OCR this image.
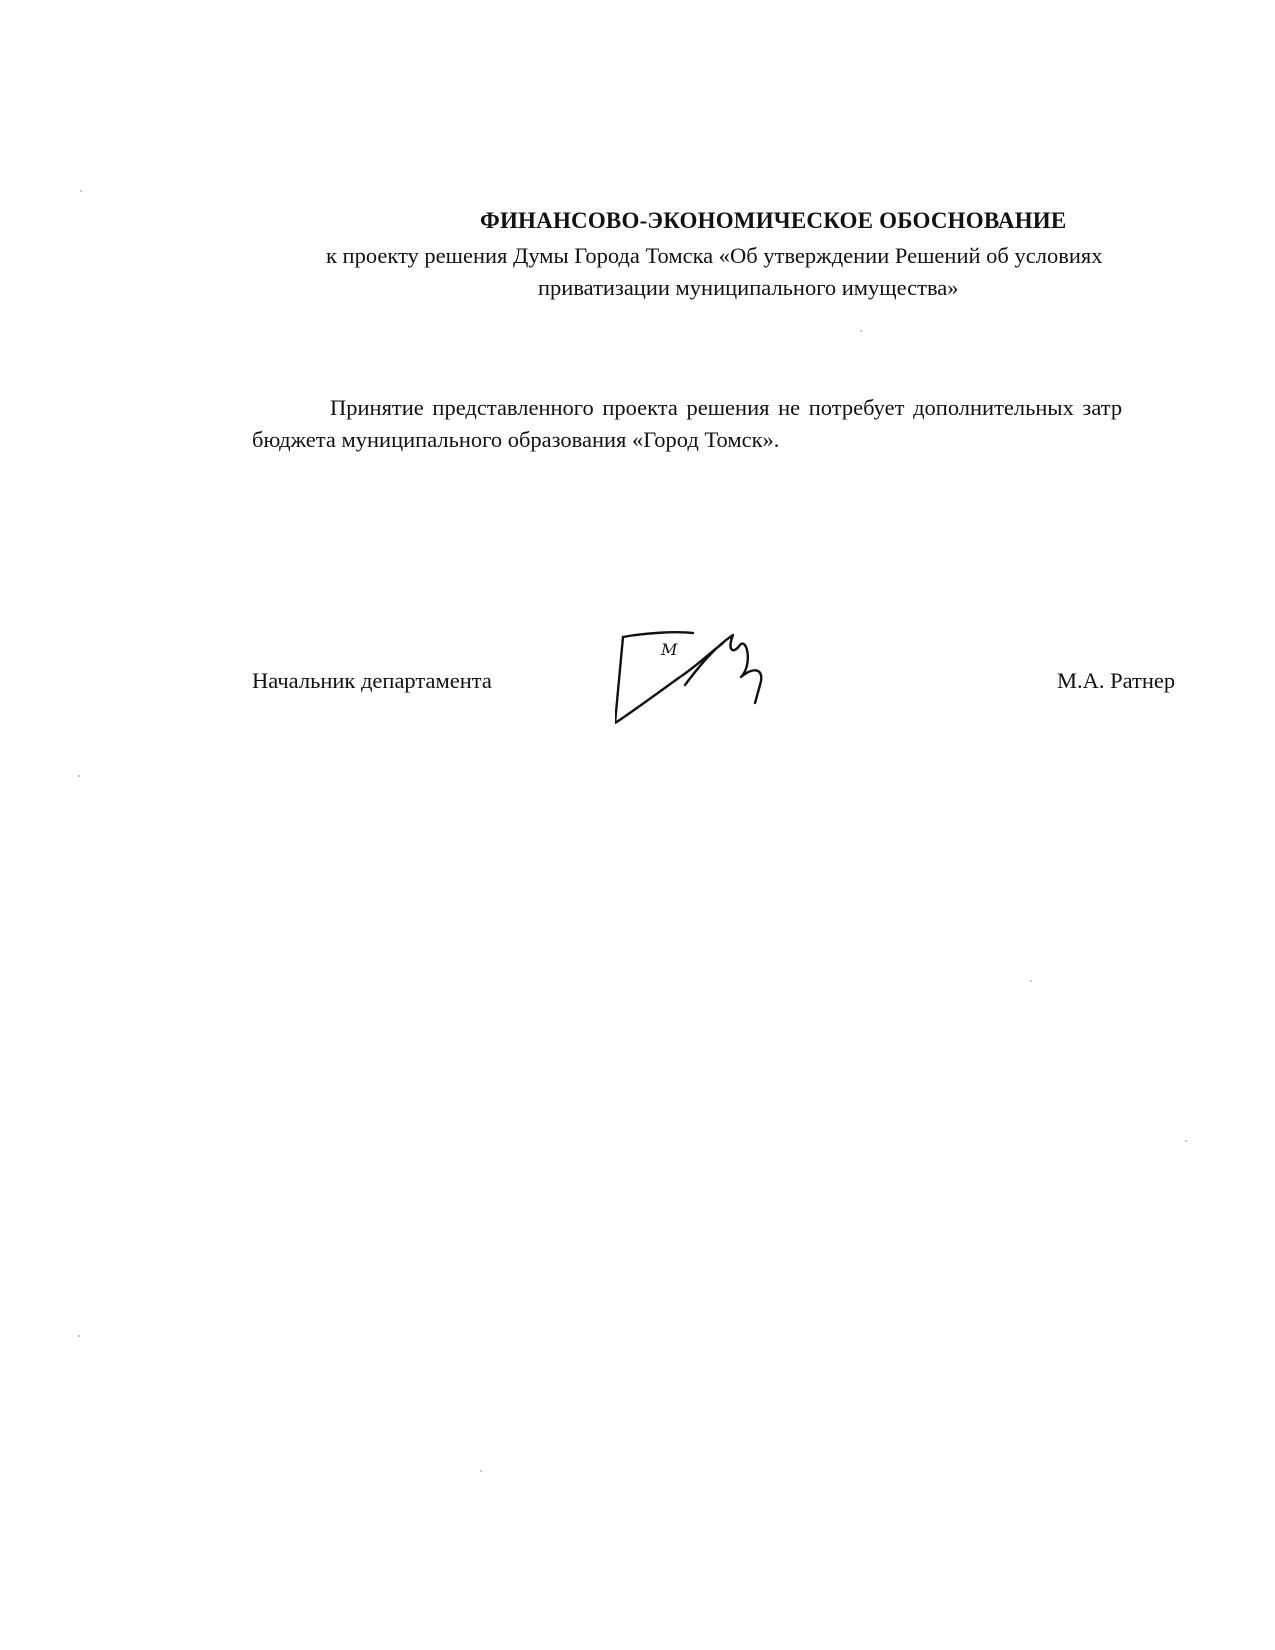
ФИНАНСОВО-ЭКОНОМИЧЕСКОЕ ОБОСНОВАНИЕ
к проекту решения Думы Города Томска «Об утверждении Решений об условиях
приватизации муниципального имущества»
Принятие представленного проекта решения не потребует дополнительных затр
бюджета муниципального образования «Город Томск».
Начальник департамента
М
М.А. Ратнер
